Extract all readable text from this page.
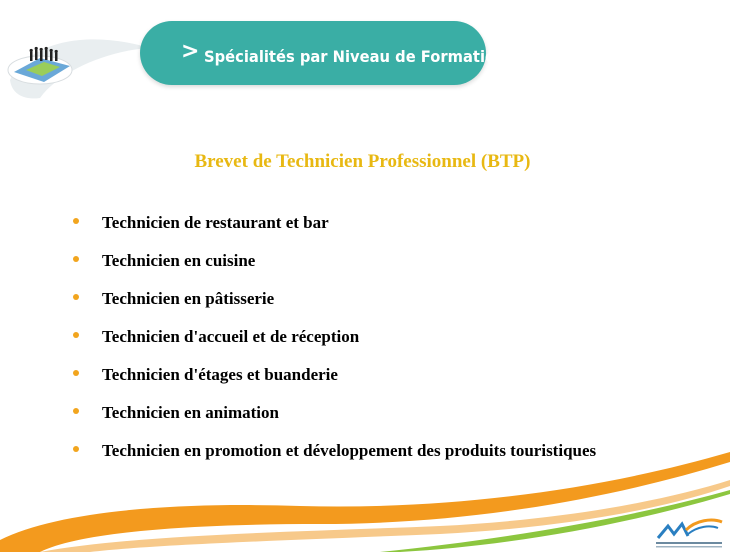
> Spécialités par Niveau de Formation
Brevet de Technicien Professionnel (BTP)
Technicien de restaurant et bar
Technicien en cuisine
Technicien en pâtisserie
Technicien d'accueil et de réception
Technicien d'étages et buanderie
Technicien en animation
Technicien en promotion et développement des produits touristiques
